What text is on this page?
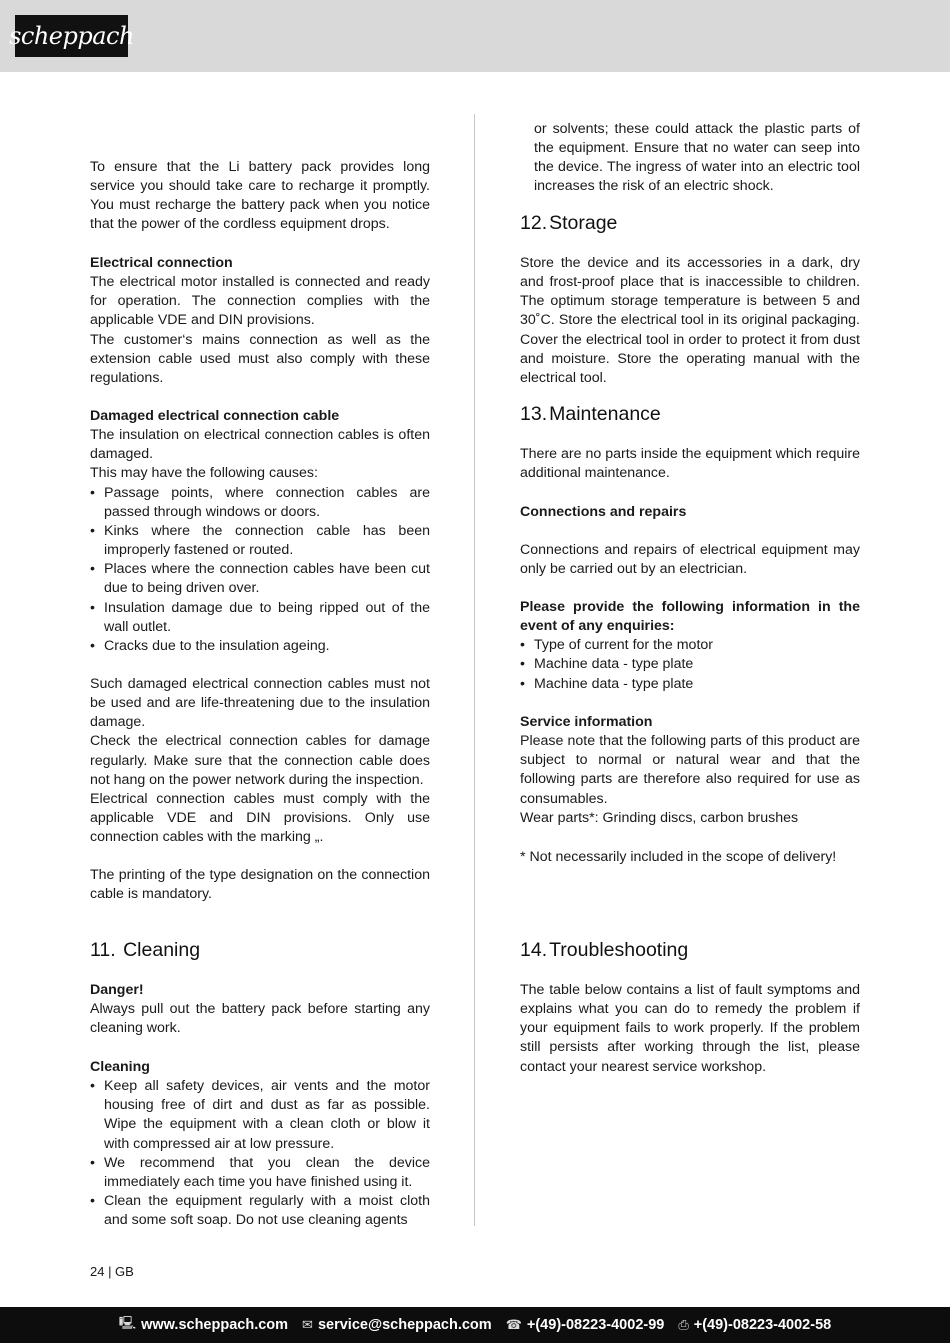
scheppach

To ensure that the Li battery pack provides long service you should take care to recharge it promptly. You must recharge the battery pack when you notice that the power of the cordless equipment drops.

Electrical connection

The electrical motor installed is connected and ready for operation. The connection complies with the applicable VDE and DIN provisions.

The customer‘s mains connection as well as the extension cable used must also comply with these regulations.

Damaged electrical connection cable

The insulation on electrical connection cables is often damaged.

This may have the following causes:

• Passage points, where connection cables are passed through windows or doors.
• Kinks where the connection cable has been improperly fastened or routed.
• Places where the connection cables have been cut due to being driven over.
• Insulation damage due to being ripped out of the wall outlet.
• Cracks due to the insulation ageing.

Such damaged electrical connection cables must not be used and are life-threatening due to the insulation damage.

Check the electrical connection cables for damage regularly. Make sure that the connection cable does not hang on the power network during the inspection.

Electrical connection cables must comply with the applicable VDE and DIN provisions. Only use connection cables with the marking „.

The printing of the type designation on the connection cable is mandatory.

11. Cleaning

Danger!

Always pull out the battery pack before starting any cleaning work.

Cleaning

• Keep all safety devices, air vents and the motor housing free of dirt and dust as far as possible. Wipe the equipment with a clean cloth or blow it with compressed air at low pressure.
• We recommend that you clean the device immediately each time you have finished using it.
• Clean the equipment regularly with a moist cloth and some soft soap. Do not use cleaning agents

or solvents; these could attack the plastic parts of the equipment. Ensure that no water can seep into the device. The ingress of water into an electric tool increases the risk of an electric shock.

12. Storage

Store the device and its accessories in a dark, dry and frost-proof place that is inaccessible to children. The optimum storage temperature is between 5 and 30˚C. Store the electrical tool in its original packaging. Cover the electrical tool in order to protect it from dust and moisture. Store the operating manual with the electrical tool.

13. Maintenance

There are no parts inside the equipment which require additional maintenance.

Connections and repairs

Connections and repairs of electrical equipment may only be carried out by an electrician.

Please provide the following information in the event of any enquiries:

• Type of current for the motor
• Machine data - type plate
• Machine data - type plate

Service information

Please note that the following parts of this product are subject to normal or natural wear and that the following parts are therefore also required for use as consumables.

Wear parts*: Grinding discs, carbon brushes

* Not necessarily included in the scope of delivery!

14. Troubleshooting

The table below contains a list of fault symptoms and explains what you can do to remedy the problem if your equipment fails to work properly. If the problem still persists after working through the list, please contact your nearest service workshop.

24 | GB
🖳 www.scheppach.com ✉ service@scheppach.com ☎ +(49)-08223-4002-99 ⎙ +(49)-08223-4002-58
